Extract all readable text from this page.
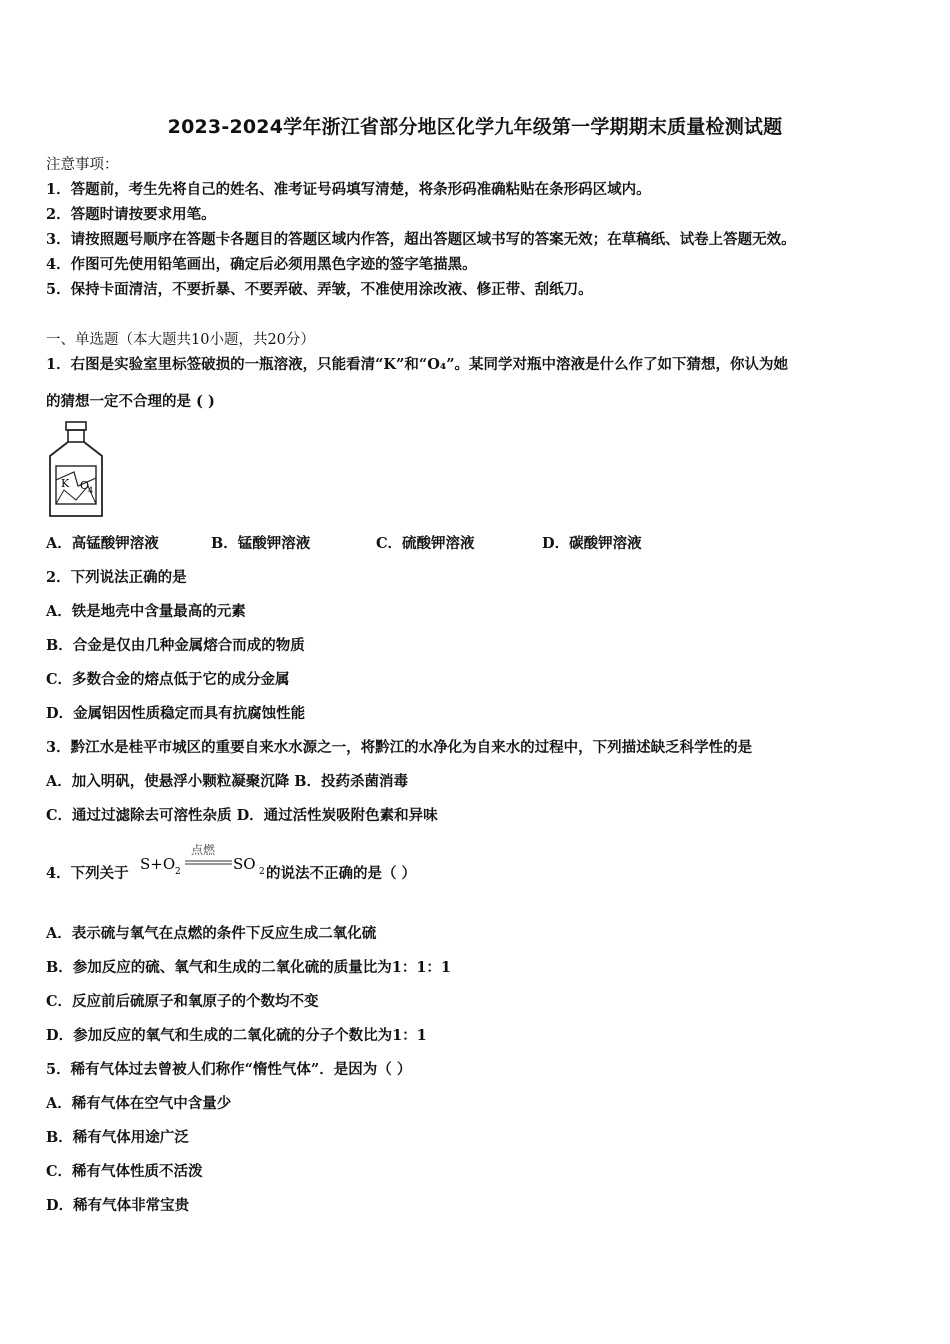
2023-2024学年浙江省部分地区化学九年级第一学期期末质量检测试题
注意事项：
1．答题前，考生先将自己的姓名、准考证号码填写清楚，将条形码准确粘贴在条形码区域内。
2．答题时请按要求用笔。
3．请按照题号顺序在答题卡各题目的答题区域内作答，超出答题区域书写的答案无效；在草稿纸、试卷上答题无效。
4．作图可先使用铅笔画出，确定后必须用黑色字迹的签字笔描黑。
5．保持卡面清洁，不要折暴、不要弄破、弄皱，不准使用涂改液、修正带、刮纸刀。
一、单选题（本大题共10小题，共20分）
1．右图是实验室里标签破损的一瓶溶液，只能看清“K”和“O₄”。某同学对瓶中溶液是什么作了如下猜想，你认为她
的猜想一定不合理的是 ( )
K O
4
A．高锰酸钾溶液	B．锰酸钾溶液	C．硫酸钾溶液	D．碳酸钾溶液
2．下列说法正确的是
A．铁是地壳中含量最高的元素
B．合金是仅由几种金属熔合而成的物质
C．多数合金的熔点低于它的成分金属
D．金属铝因性质稳定而具有抗腐蚀性能
3．黔江水是桂平市城区的重要自来水水源之一，将黔江的水净化为自来水的过程中，下列描述缺乏科学性的是
A．加入明矾，使悬浮小颗粒凝聚沉降 B．投药杀菌消毒
C．通过过滤除去可溶性杂质 D．通过活性炭吸附色素和异味
4．下列关于
S+O 2
点燃
SO 2 的说法不正确的是（ ）
A．表示硫与氧气在点燃的条件下反应生成二氧化硫
B．参加反应的硫、氧气和生成的二氧化硫的质量比为1：1：1
C．反应前后硫原子和氧原子的个数均不变
D．参加反应的氧气和生成的二氧化硫的分子个数比为1：1
5．稀有气体过去曾被人们称作“惰性气体”．是因为（ ）
A．稀有气体在空气中含量少
B．稀有气体用途广泛
C．稀有气体性质不活泼
D．稀有气体非常宝贵
